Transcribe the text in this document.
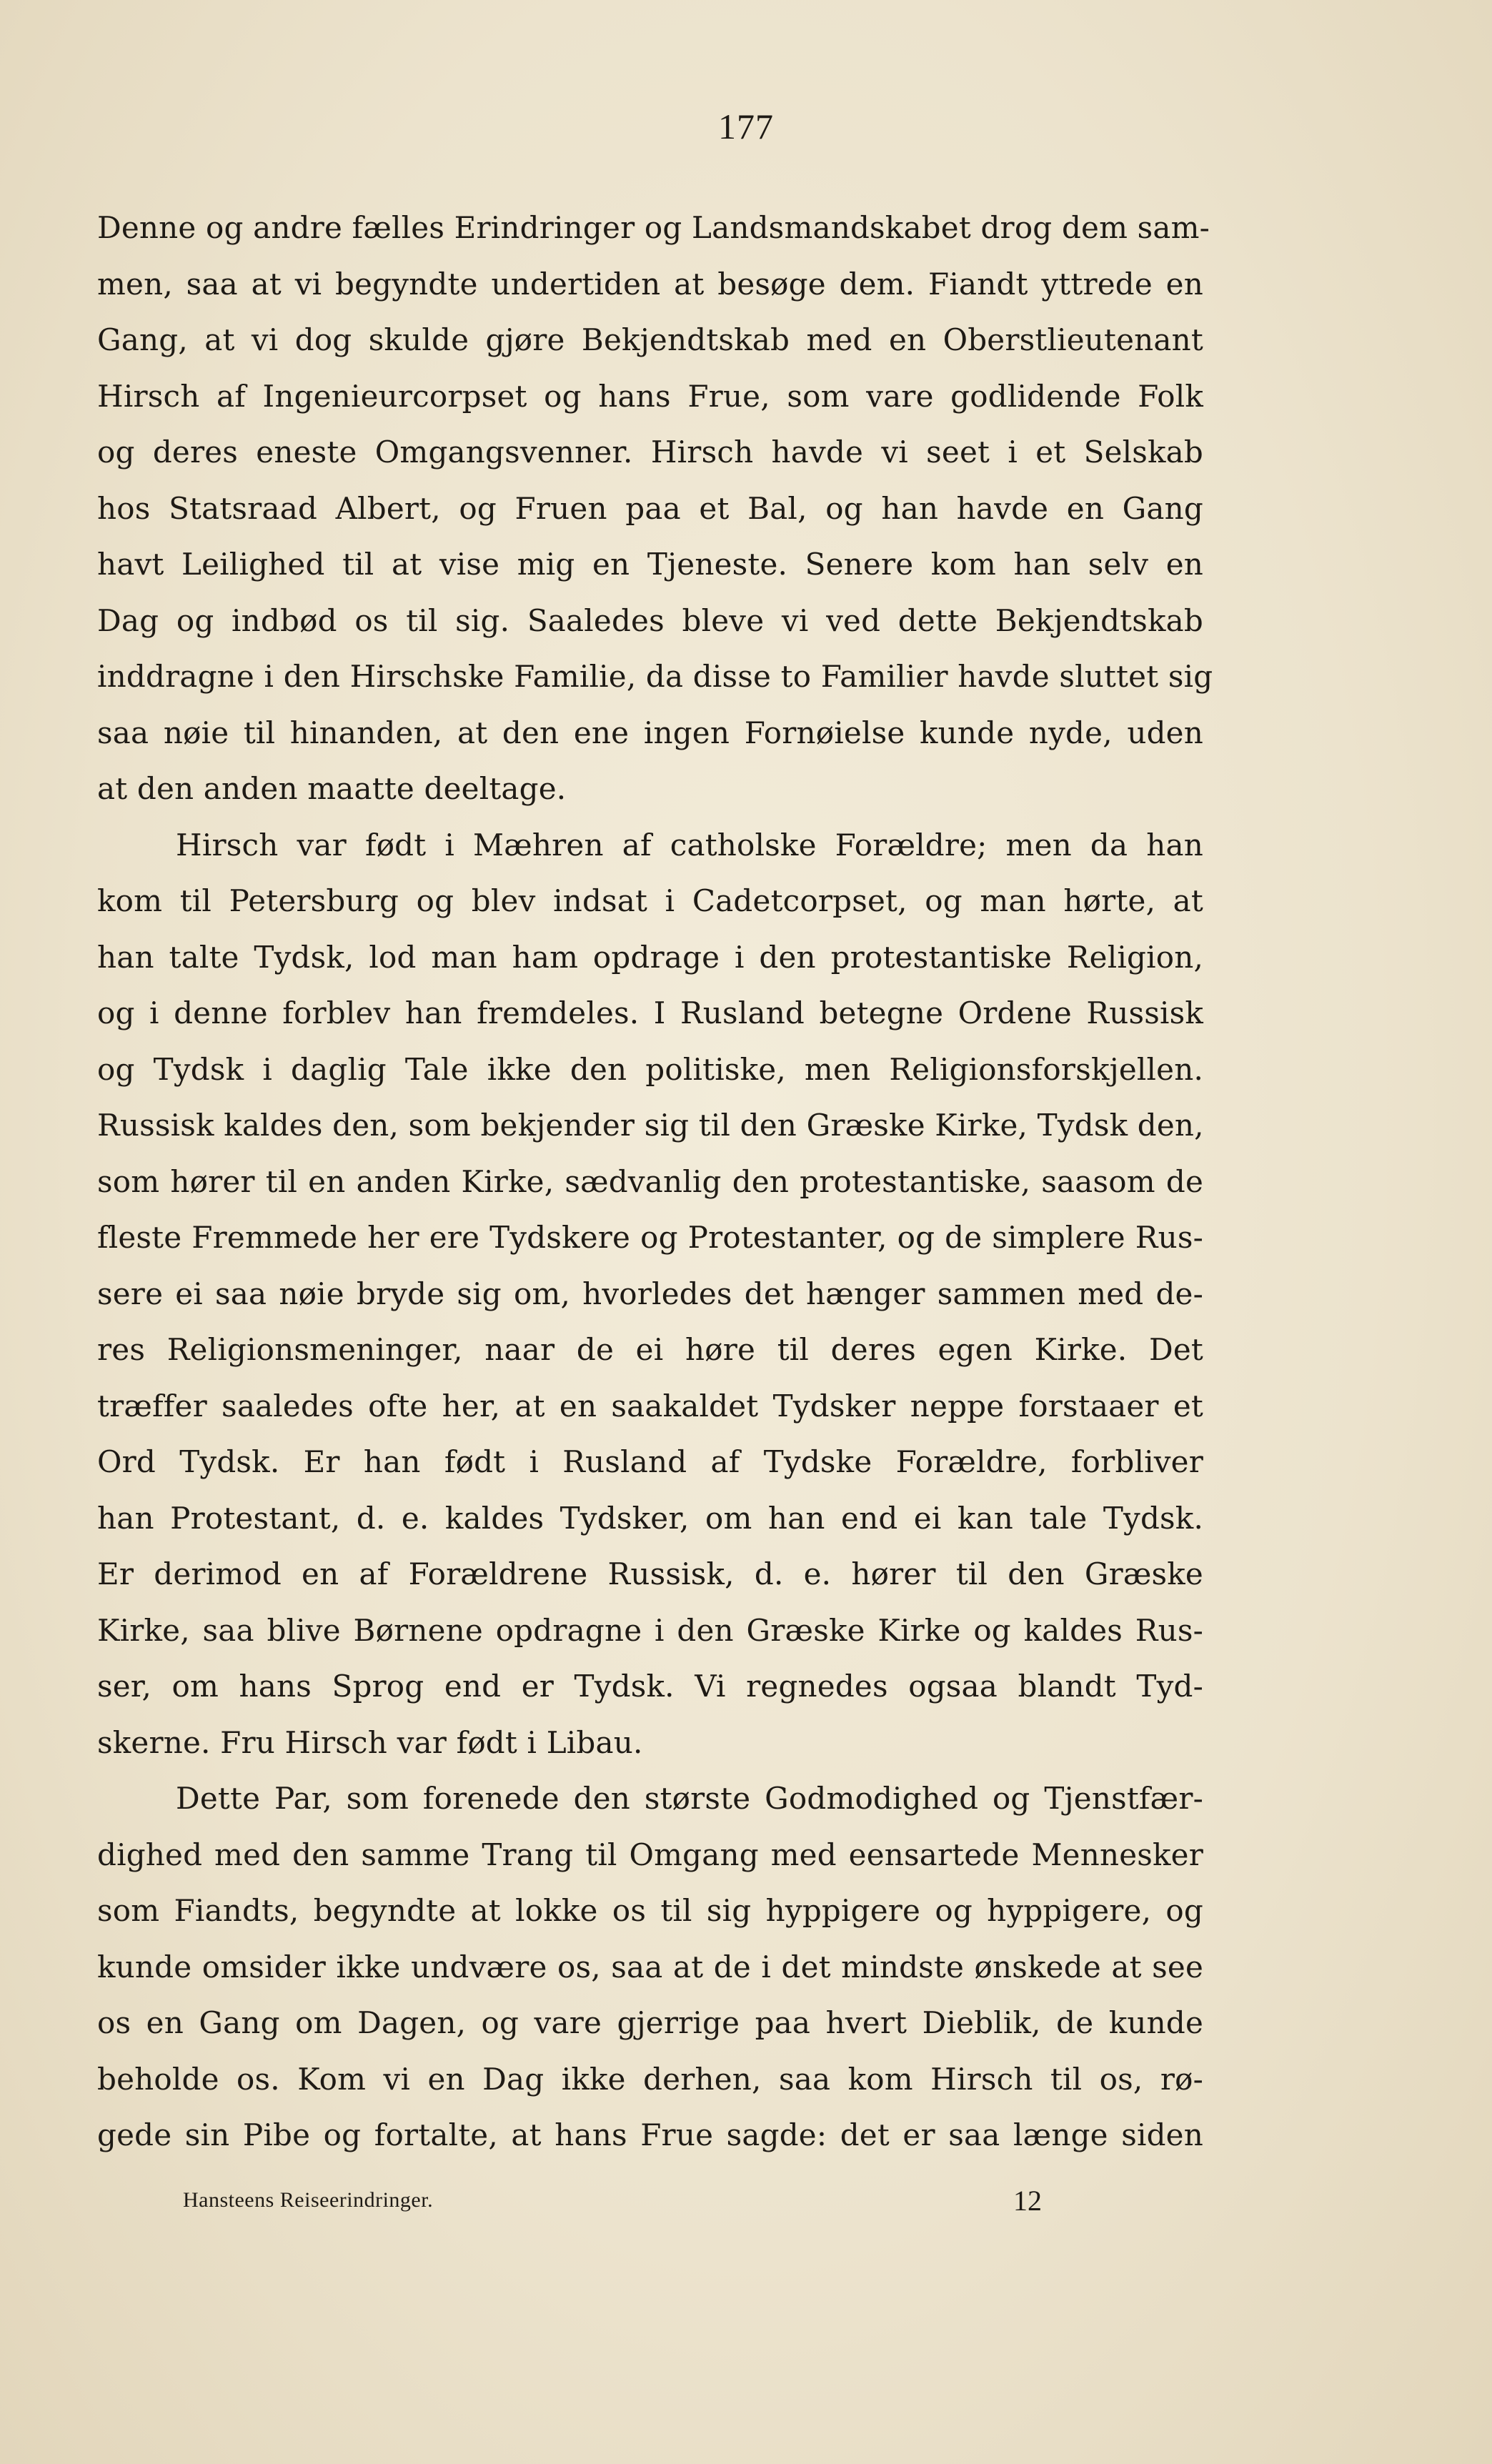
177
Denne og andre fælles Erindringer og Landsmandskabet drog dem sam-
men, saa at vi begyndte undertiden at besøge dem. Fiandt yttrede en
Gang, at vi dog skulde gjøre Bekjendtskab med en Oberstlieutenant
Hirsch af Ingenieurcorpset og hans Frue, som vare godlidende Folk
og deres eneste Omgangsvenner. Hirsch havde vi seet i et Selskab
hos Statsraad Albert, og Fruen paa et Bal, og han havde en Gang
havt Leilighed til at vise mig en Tjeneste. Senere kom han selv en
Dag og indbød os til sig. Saaledes bleve vi ved dette Bekjendtskab
inddragne i den Hirschske Familie, da disse to Familier havde sluttet sig
saa nøie til hinanden, at den ene ingen Fornøielse kunde nyde, uden
at den anden maatte deeltage.
Hirsch var født i Mæhren af catholske Forældre; men da han
kom til Petersburg og blev indsat i Cadetcorpset, og man hørte, at
han talte Tydsk, lod man ham opdrage i den protestantiske Religion,
og i denne forblev han fremdeles. I Rusland betegne Ordene Russisk
og Tydsk i daglig Tale ikke den politiske, men Religionsforskjellen.
Russisk kaldes den, som bekjender sig til den Græske Kirke, Tydsk den,
som hører til en anden Kirke, sædvanlig den protestantiske, saasom de
fleste Fremmede her ere Tydskere og Protestanter, og de simplere Rus-
sere ei saa nøie bryde sig om, hvorledes det hænger sammen med de-
res Religionsmeninger, naar de ei høre til deres egen Kirke. Det
træffer saaledes ofte her, at en saakaldet Tydsker neppe forstaaer et
Ord Tydsk. Er han født i Rusland af Tydske Forældre, forbliver
han Protestant, d. e. kaldes Tydsker, om han end ei kan tale Tydsk.
Er derimod en af Forældrene Russisk, d. e. hører til den Græske
Kirke, saa blive Børnene opdragne i den Græske Kirke og kaldes Rus-
ser, om hans Sprog end er Tydsk. Vi regnedes ogsaa blandt Tyd-
skerne. Fru Hirsch var født i Libau.
Dette Par, som forenede den største Godmodighed og Tjenstfær-
dighed med den samme Trang til Omgang med eensartede Mennesker
som Fiandts, begyndte at lokke os til sig hyppigere og hyppigere, og
kunde omsider ikke undvære os, saa at de i det mindste ønskede at see
os en Gang om Dagen, og vare gjerrige paa hvert Dieblik, de kunde
beholde os. Kom vi en Dag ikke derhen, saa kom Hirsch til os, rø-
gede sin Pibe og fortalte, at hans Frue sagde: det er saa længe siden
Hansteens Reiseerindringer.	12
